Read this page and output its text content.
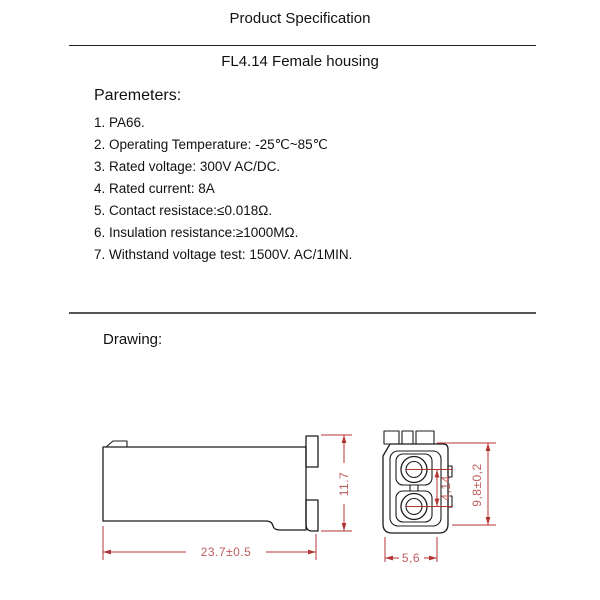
Product Specification
FL4.14 Female housing
Paremeters:
1. PA66.
2. Operating Temperature: -25℃~85℃
3. Rated voltage: 300V AC/DC.
4. Rated current: 8A
5. Contact resistace:≤0.018Ω.
6. Insulation resistance:≥1000MΩ.
7. Withstand voltage test: 1500V. AC/1MIN.
Drawing:
23.7±0.5
11.7	4,14 9,8±0,2
5,6
